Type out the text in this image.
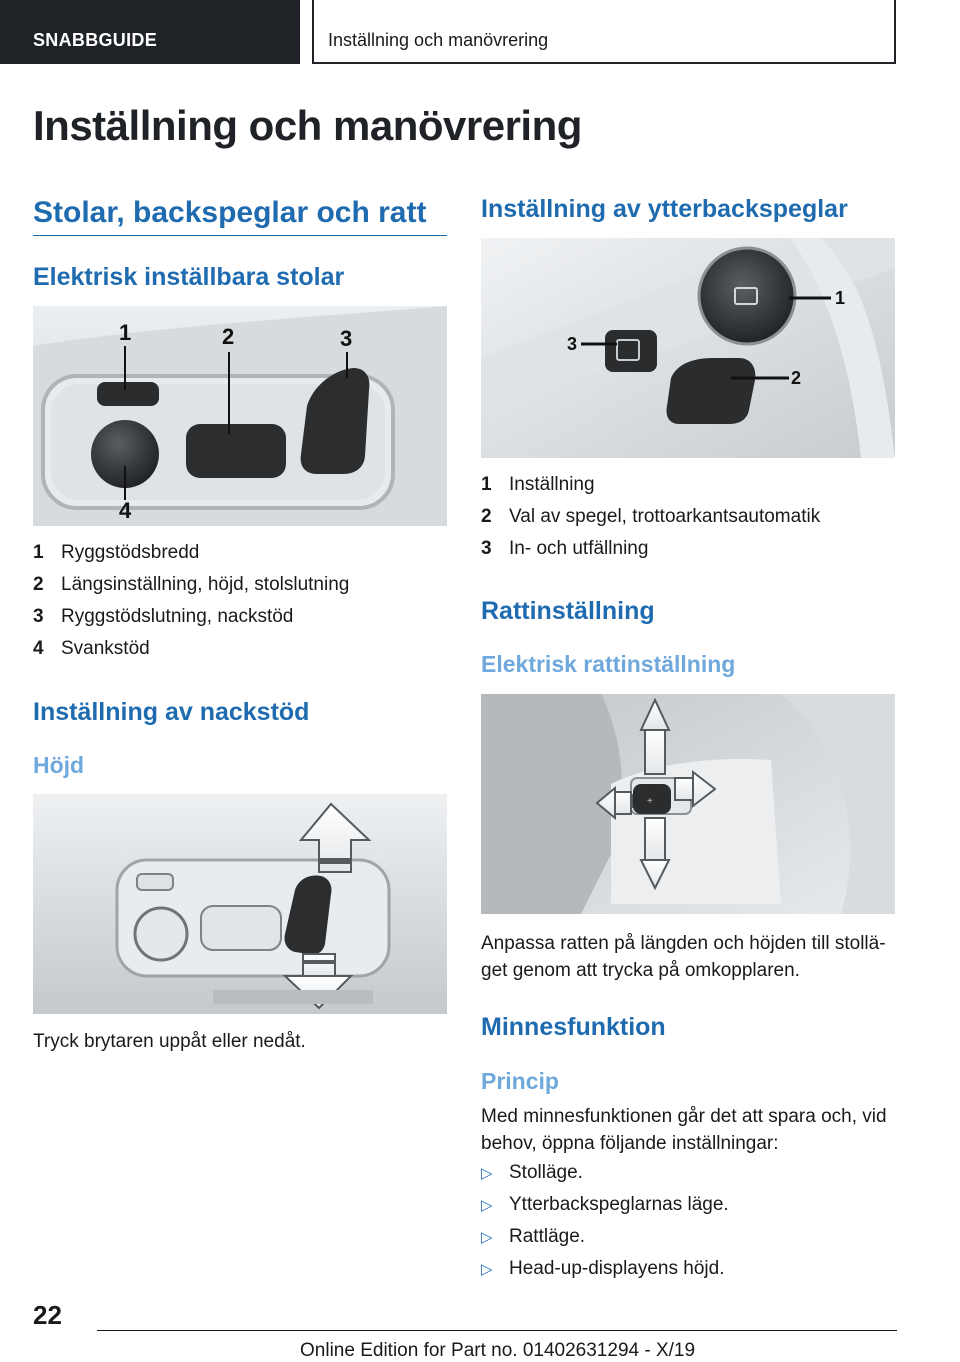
SNABBGUIDE	Inställning och manövrering
Inställning och manövrering
Stolar, backspeglar och ratt
Elektrisk inställbara stolar
1	2	3
4
1 Ryggstödsbredd
2 Längsinställning, höjd, stolslutning
3 Ryggstödslutning, nackstöd
4 Svankstöd
Inställning av nackstöd
Höjd
Tryck brytaren uppåt eller nedåt.
Inställning av ytterbackspeglar
1
2
3
1 Inställning
2 Val av spegel, trottoarkantsautomatik
3 In- och utfällning
Rattinställning
Elektrisk rattinställning
+
Anpassa ratten på längden och höjden till stollä-get genom att trycka på omkopplaren.
Minnesfunktion
Princip
Med minnesfunktionen går det att spara och, vid behov, öppna följande inställningar:
▷ Stolläge.
▷ Ytterbackspeglarnas läge.
▷ Rattläge.
▷ Head-up-displayens höjd.
22
Online Edition for Part no. 01402631294 - X/19
